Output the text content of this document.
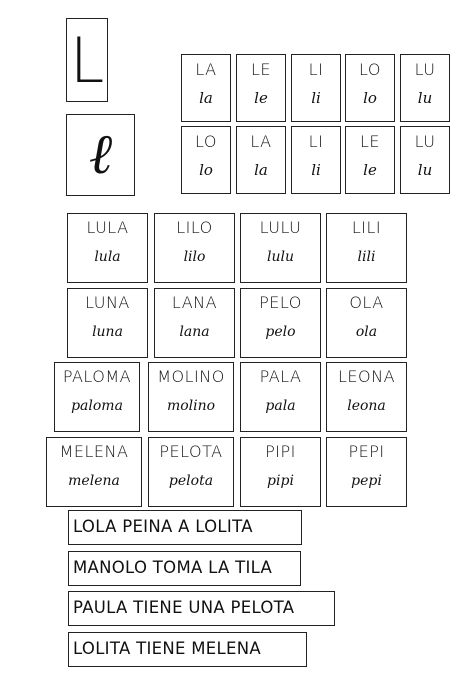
L
ℓ
LA
la
LE
le
LI
li
LO
lo
LU
lu
LO
lo
LA
la
LI
li
LE
le
LU
lu
LULA
lula
LILO
lilo
LULU
lulu
LILI
lili
LUNA
luna
LANA
lana
PELO
pelo
OLA
ola
PALOMA
paloma
MOLINO
molino
PALA
pala
LEONA
leona
MELENA
melena
PELOTA
pelota
PIPI
pipi
PEPI
pepi
LOLA PEINA A LOLITA
MANOLO TOMA LA TILA
PAULA TIENE UNA PELOTA
LOLITA TIENE MELENA
